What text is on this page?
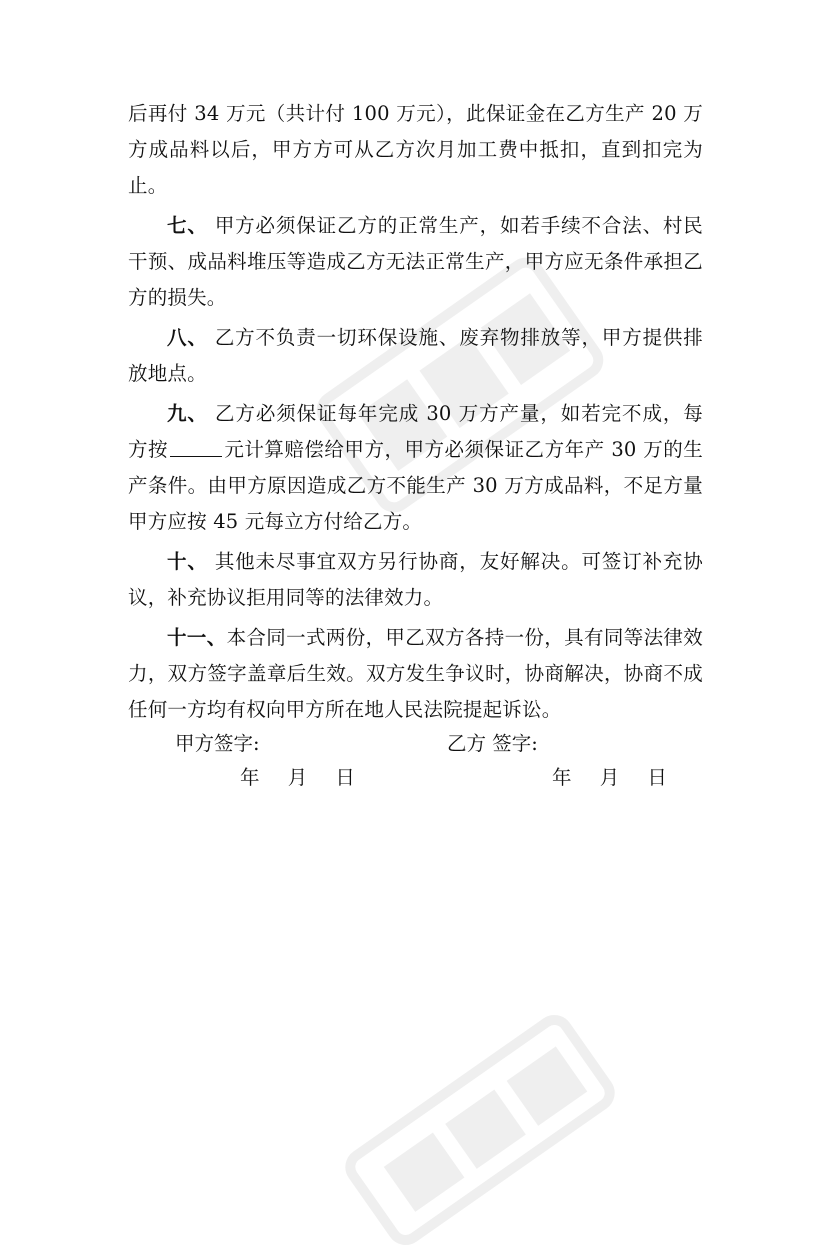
后再付 34 万元（共计付 100 万元），此保证金在乙方生产 20 万方成品料以后，甲方方可从乙方次月加工费中抵扣，直到扣完为止。

七、 甲方必须保证乙方的正常生产，如若手续不合法、村民干预、成品料堆压等造成乙方无法正常生产，甲方应无条件承担乙方的损失。

八、 乙方不负责一切环保设施、废弃物排放等，甲方提供排放地点。

九、 乙方必须保证每年完成 30 万方产量，如若完不成，每方按	元计算赔偿给甲方，甲方必须保证乙方年产 30 万的生产条件。由甲方原因造成乙方不能生产 30 万方成品料，不足方量甲方应按 45 元每立方付给乙方。

十、 其他未尽事宜双方另行协商，友好解决。可签订补充协议，补充协议拒用同等的法律效力。

十一、本合同一式两份，甲乙双方各持一份，具有同等法律效力，双方签字盖章后生效。双方发生争议时，协商解决，协商不成任何一方均有权向甲方所在地人民法院提起诉讼。

甲方签字:	乙方 签字:
年 月 日	年 月 日
